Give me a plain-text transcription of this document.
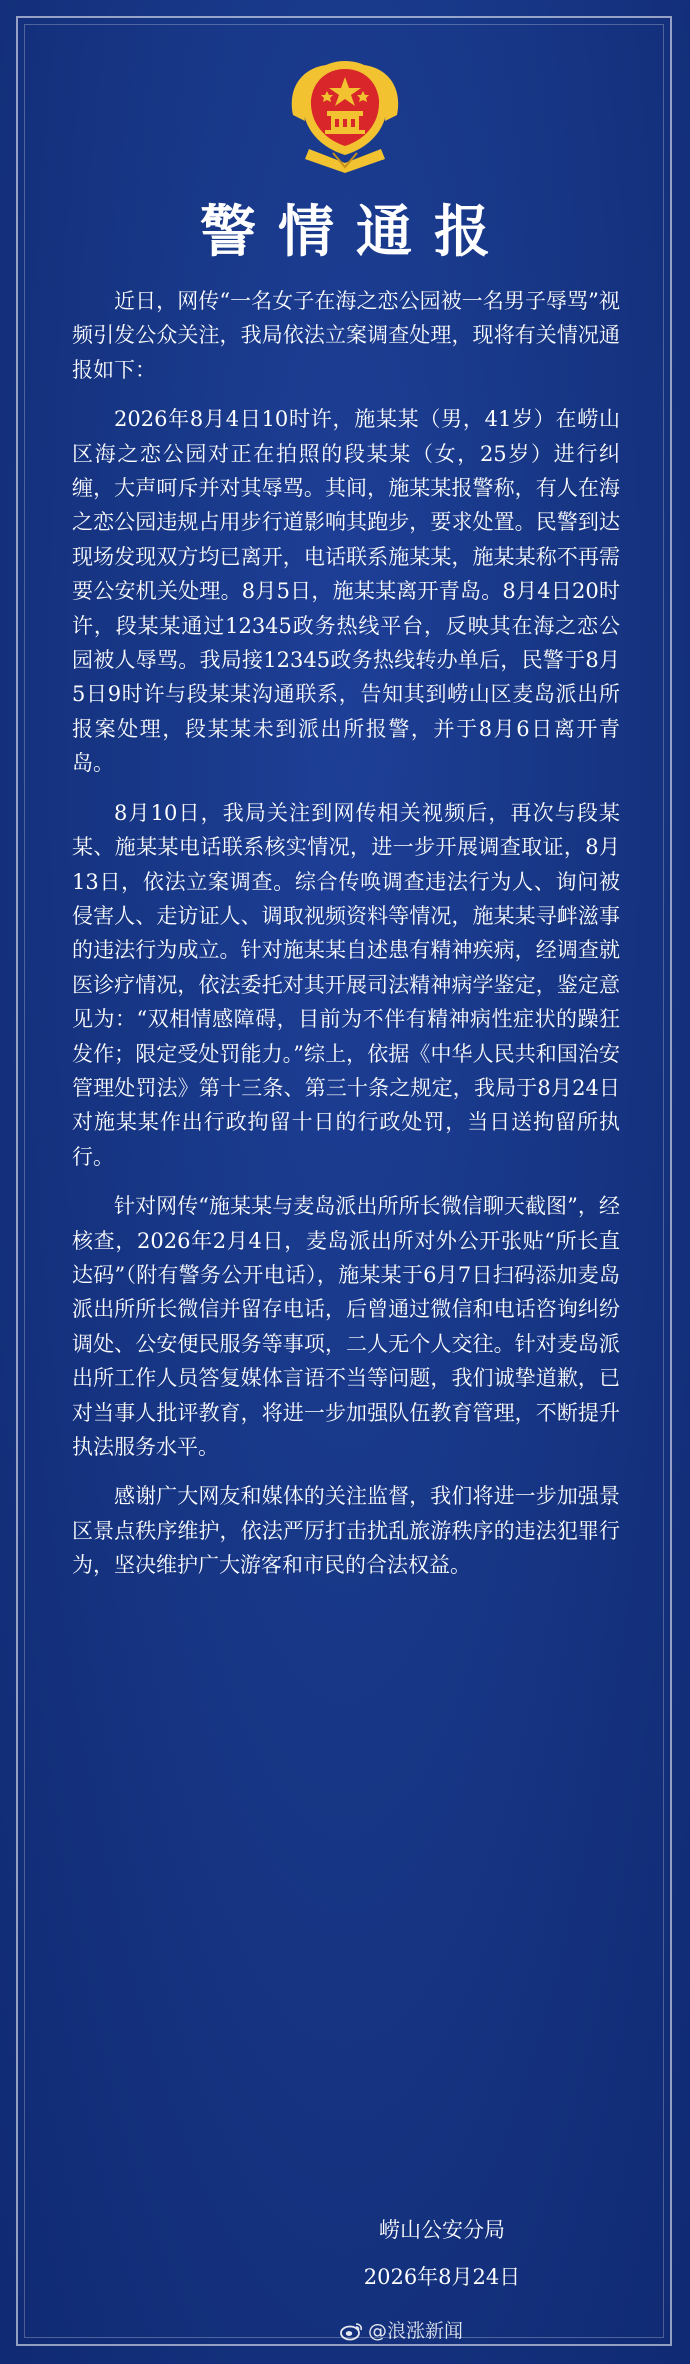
警情通报

近日，网传“一名女子在海之恋公园被一名男子辱骂”视频引发公众关注，我局依法立案调查处理，现将有关情况通报如下：

2026年8月4日10时许，施某某（男，41岁）在崂山区海之恋公园对正在拍照的段某某（女，25岁）进行纠缠，大声呵斥并对其辱骂。其间，施某某报警称，有人在海之恋公园违规占用步行道影响其跑步，要求处置。民警到达现场发现双方均已离开，电话联系施某某，施某某称不再需要公安机关处理。8月5日，施某某离开青岛。8月4日20时许，段某某通过12345政务热线平台，反映其在海之恋公园被人辱骂。我局接12345政务热线转办单后，民警于8月5日9时许与段某某沟通联系，告知其到崂山区麦岛派出所报案处理，段某某未到派出所报警，并于8月6日离开青岛。

8月10日，我局关注到网传相关视频后，再次与段某某、施某某电话联系核实情况，进一步开展调查取证，8月13日，依法立案调查。综合传唤调查违法行为人、询问被侵害人、走访证人、调取视频资料等情况，施某某寻衅滋事的违法行为成立。针对施某某自述患有精神疾病，经调查就医诊疗情况，依法委托对其开展司法精神病学鉴定，鉴定意见为：“双相情感障碍，目前为不伴有精神病性症状的躁狂发作；限定受处罚能力。”综上，依据《中华人民共和国治安管理处罚法》第十三条、第三十条之规定，我局于8月24日对施某某作出行政拘留十日的行政处罚，当日送拘留所执行。

针对网传“施某某与麦岛派出所所长微信聊天截图”，经核查，2026年2月4日，麦岛派出所对外公开张贴“所长直达码”（附有警务公开电话），施某某于6月7日扫码添加麦岛派出所所长微信并留存电话，后曾通过微信和电话咨询纠纷调处、公安便民服务等事项，二人无个人交往。针对麦岛派出所工作人员答复媒体言语不当等问题，我们诚挚道歉，已对当事人批评教育，将进一步加强队伍教育管理，不断提升执法服务水平。

感谢广大网友和媒体的关注监督，我们将进一步加强景区景点秩序维护，依法严厉打击扰乱旅游秩序的违法犯罪行为，坚决维护广大游客和市民的合法权益。

崂山公安分局
2026年8月24日
@浪涨新闻
